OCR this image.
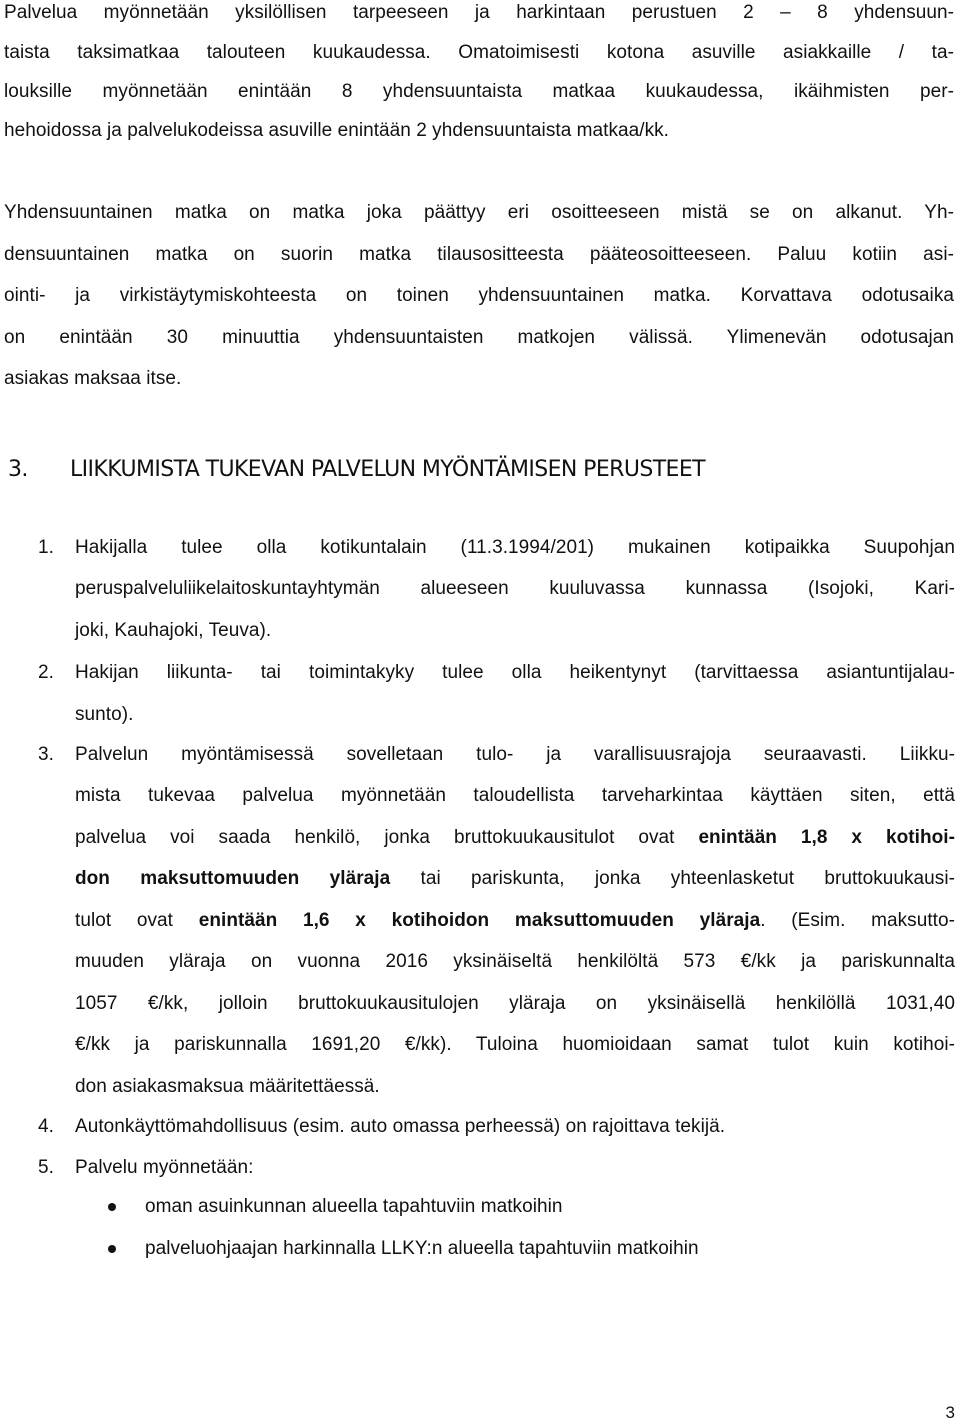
Palvelua myönnetään yksilöllisen tarpeeseen ja harkintaan perustuen 2 – 8 yhdensuun-

taista taksimatkaa talouteen kuukaudessa. Omatoimisesti kotona asuville asiakkaille / ta-

louksille myönnetään enintään 8 yhdensuuntaista matkaa kuukaudessa, ikäihmisten per-

hehoidossa ja palvelukodeissa asuville enintään 2 yhdensuuntaista matkaa/kk.

Yhdensuuntainen matka on matka joka päättyy eri osoitteeseen mistä se on alkanut. Yh-

densuuntainen matka on suorin matka tilausositteesta pääteosoitteeseen. Paluu kotiin asi-

ointi- ja virkistäytymiskohteesta on toinen yhdensuuntainen matka. Korvattava odotusaika

on enintään 30 minuuttia yhdensuuntaisten matkojen välissä. Ylimenevän odotusajan

asiakas maksaa itse.

3. LIIKKUMISTA TUKEVAN PALVELUN MYÖNTÄMISEN PERUSTEET
1. Hakijalla tulee olla kotikuntalain (11.3.1994/201) mukainen kotipaikka Suupohjan

peruspalveluliikelaitoskuntayhtymän alueeseen kuuluvassa kunnassa (Isojoki, Kari-

joki, Kauhajoki, Teuva).

2. Hakijan liikunta- tai toimintakyky tulee olla heikentynyt (tarvittaessa asiantuntijalau-

sunto).

3. Palvelun myöntämisessä sovelletaan tulo- ja varallisuusrajoja seuraavasti. Liikku-

mista tukevaa palvelua myönnetään taloudellista tarveharkintaa käyttäen siten, että

palvelua voi saada henkilö, jonka bruttokuukausitulot ovat enintään 1,8 x kotihoi-

don maksuttomuuden yläraja tai pariskunta, jonka yhteenlasketut bruttokuukausi-

tulot ovat enintään 1,6 x kotihoidon maksuttomuuden yläraja. (Esim. maksutto-

muuden yläraja on vuonna 2016 yksinäiseltä henkilöltä 573 €/kk ja pariskunnalta

1057 €/kk, jolloin bruttokuukausitulojen yläraja on yksinäisellä henkilöllä 1031,40

€/kk ja pariskunnalla 1691,20 €/kk). Tuloina huomioidaan samat tulot kuin kotihoi-

don asiakasmaksua määritettäessä.

4. Autonkäyttömahdollisuus (esim. auto omassa perheessä) on rajoittava tekijä.

5. Palvelu myönnetään:

oman asuinkunnan alueella tapahtuviin matkoihin

palveluohjaajan harkinnalla LLKY:n alueella tapahtuviin matkoihin

3
